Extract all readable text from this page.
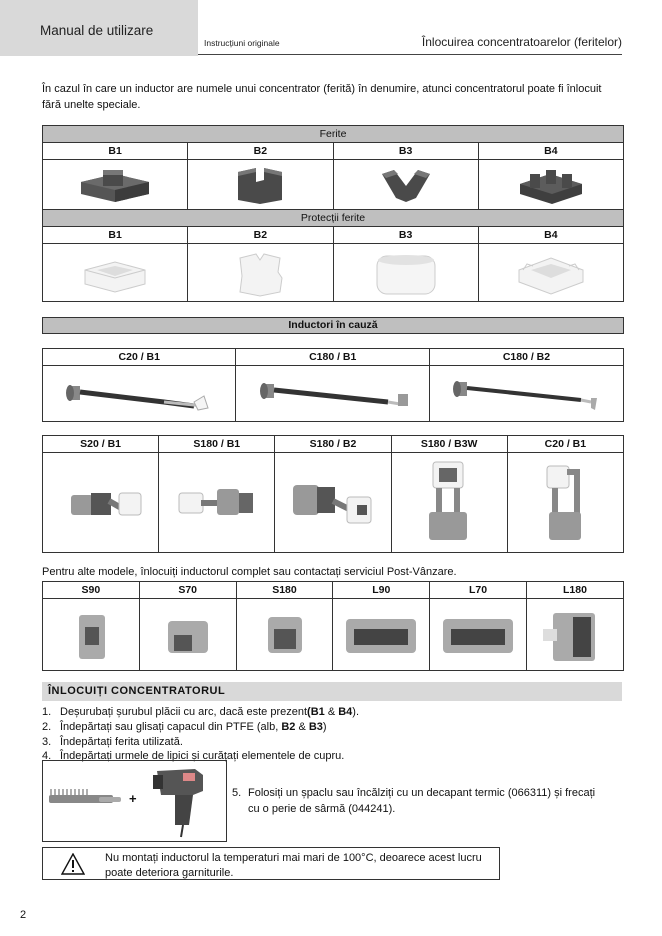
Manual de utilizare
Instrucțiuni originale	Înlocuirea concentratoarelor (feritelor)

În cazul în care un inductor are numele unui concentrator (ferită) în denumire, atunci concentratorul poate fi înlocuit fără unelte speciale.

Ferite			
B1	B2	B3	B4

Protecții ferite			
B1	B2	B3	B4

Inductori în cauză
C20 / B1	C180 / B1	C180 / B2

S20 / B1	S180 / B1	S180 / B2	S180 / B3W	C20 / B1

Pentru alte modele, înlocuiți inductorul complet sau contactați serviciul Post-Vânzare.

S90	S70	S180	L90	L70	L180

ÎNLOCUIȚI CONCENTRATORUL
1. Deșurubați șurubul plăcii cu arc, dacă este prezent(B1 & B4).
2. Îndepărtați sau glisați capacul din PTFE (alb, B2 & B3)
3. Îndepărtați ferita utilizată.
4. Îndepărtați urmele de lipici și curățați elementele de cupru.
+	5. Folosiți un șpaclu sau încălziți cu un decapant termic (066311) și frecați cu o perie de sârmă (044241).

Nu montați inductorul la temperaturi mai mari de 100°C, deoarece acest lucru poate deteriora garniturile.

2
